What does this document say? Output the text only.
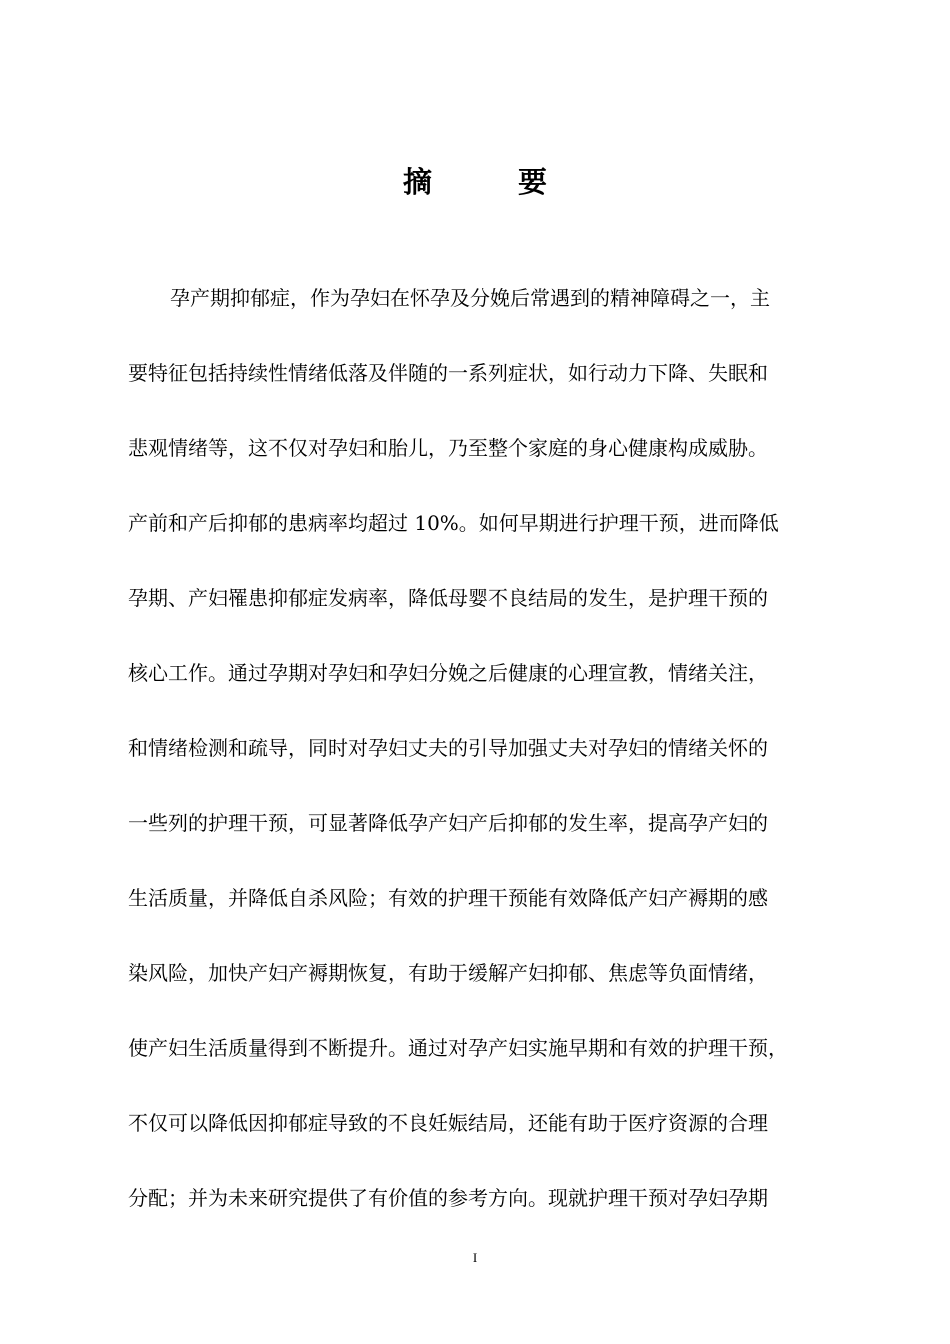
摘 要
孕产期抑郁症，作为孕妇在怀孕及分娩后常遇到的精神障碍之一，主
要特征包括持续性情绪低落及伴随的一系列症状，如行动力下降、失眠和
悲观情绪等，这不仅对孕妇和胎儿，乃至整个家庭的身心健康构成威胁。
产前和产后抑郁的患病率均超过 10%。如何早期进行护理干预，进而降低
孕期、产妇罹患抑郁症发病率，降低母婴不良结局的发生，是护理干预的
核心工作。通过孕期对孕妇和孕妇分娩之后健康的心理宣教，情绪关注，
和情绪检测和疏导，同时对孕妇丈夫的引导加强丈夫对孕妇的情绪关怀的
一些列的护理干预，可显著降低孕产妇产后抑郁的发生率，提高孕产妇的
生活质量，并降低自杀风险；有效的护理干预能有效降低产妇产褥期的感
染风险，加快产妇产褥期恢复，有助于缓解产妇抑郁、焦虑等负面情绪，
使产妇生活质量得到不断提升。通过对孕产妇实施早期和有效的护理干预，
不仅可以降低因抑郁症导致的不良妊娠结局，还能有助于医疗资源的合理
分配；并为未来研究提供了有价值的参考方向。现就护理干预对孕妇孕期
I
